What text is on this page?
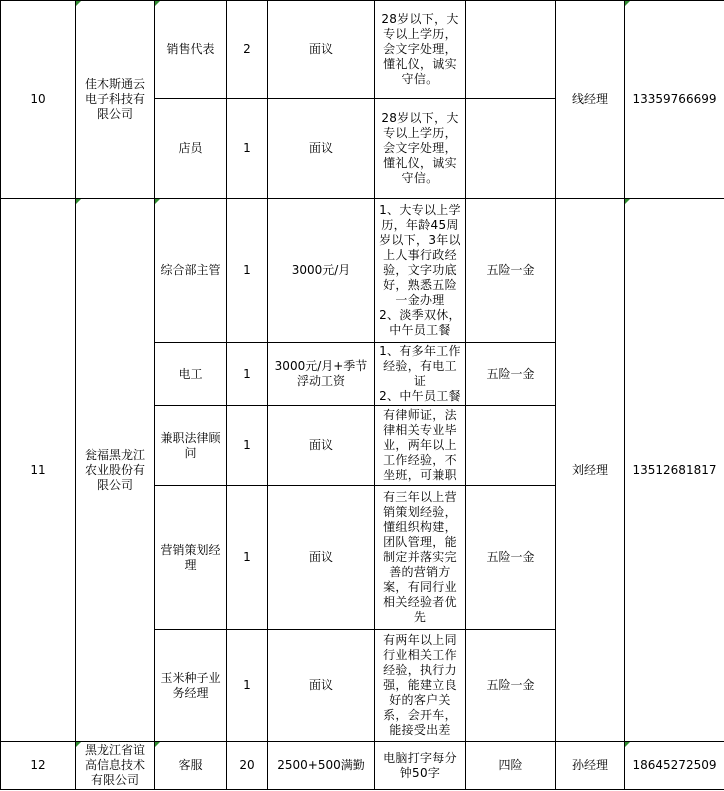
10	佳木斯通云电子科技有限公司	销售代表	2	面议	28岁以下，大专以上学历，会文字处理，懂礼仪，诚实守信。		线经理	13359766699
		店员	1	面议	28岁以下，大专以上学历，会文字处理，懂礼仪，诚实守信。			
11	瓮福黑龙江农业股份有限公司	综合部主管	1	3000元/月	1、大专以上学历，年龄45周岁以下，3年以上人事行政经验，文字功底好，熟悉五险一金办理
2、淡季双休，中午员工餐	五险一金	刘经理	13512681817
		电工	1	3000元/月+季节浮动工资	1、有多年工作经验，有电工证
2、中午员工餐	五险一金		
		兼职法律顾问	1	面议	有律师证，法律相关专业毕业，两年以上工作经验，不坐班，可兼职			
		营销策划经理	1	面议	有三年以上营销策划经验，懂组织构建，团队管理，能制定并落实完善的营销方案，有同行业相关经验者优先	五险一金		
		玉米种子业务经理	1	面议	有两年以上同行业相关工作经验，执行力强，能建立良好的客户关系，会开车，能接受出差	五险一金		
12	黑龙江省谊高信息技术有限公司	客服	20	2500+500满勤	电脑打字每分钟50字	四险	孙经理	18645272509
